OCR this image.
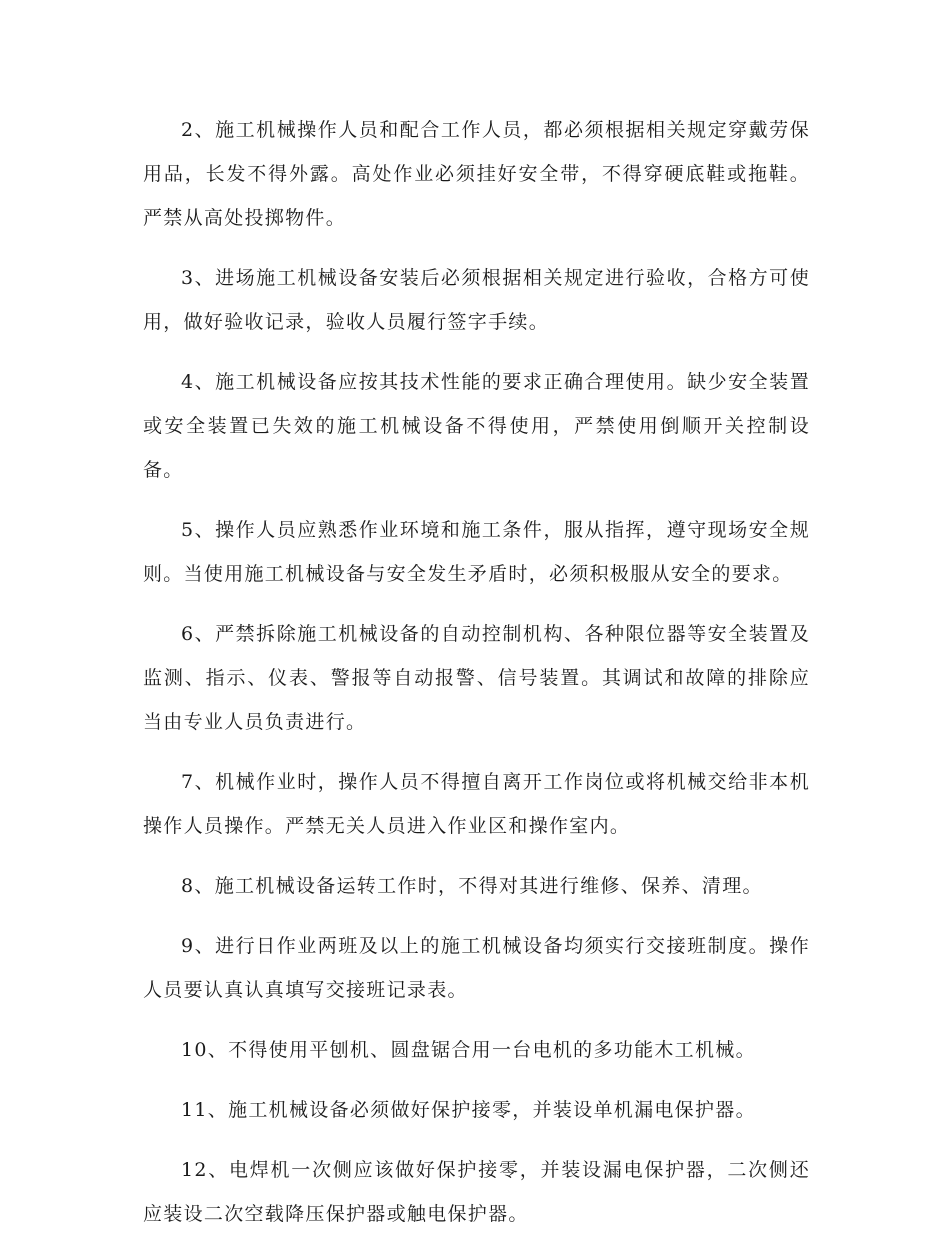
2、施工机械操作人员和配合工作人员，都必须根据相关规定穿戴劳保用品，长发不得外露。高处作业必须挂好安全带，不得穿硬底鞋或拖鞋。严禁从高处投掷物件。

3、进场施工机械设备安装后必须根据相关规定进行验收，合格方可使用，做好验收记录，验收人员履行签字手续。

4、施工机械设备应按其技术性能的要求正确合理使用。缺少安全装置或安全装置已失效的施工机械设备不得使用，严禁使用倒顺开关控制设备。

5、操作人员应熟悉作业环境和施工条件，服从指挥，遵守现场安全规则。当使用施工机械设备与安全发生矛盾时，必须积极服从安全的要求。

6、严禁拆除施工机械设备的自动控制机构、各种限位器等安全装置及监测、指示、仪表、警报等自动报警、信号装置。其调试和故障的排除应当由专业人员负责进行。

7、机械作业时，操作人员不得擅自离开工作岗位或将机械交给非本机操作人员操作。严禁无关人员进入作业区和操作室内。

8、施工机械设备运转工作时，不得对其进行维修、保养、清理。

9、进行日作业两班及以上的施工机械设备均须实行交接班制度。操作人员要认真认真填写交接班记录表。

10、不得使用平刨机、圆盘锯合用一台电机的多功能木工机械。

11、施工机械设备必须做好保护接零，并装设单机漏电保护器。

12、电焊机一次侧应该做好保护接零，并装设漏电保护器，二次侧还应装设二次空载降压保护器或触电保护器。
